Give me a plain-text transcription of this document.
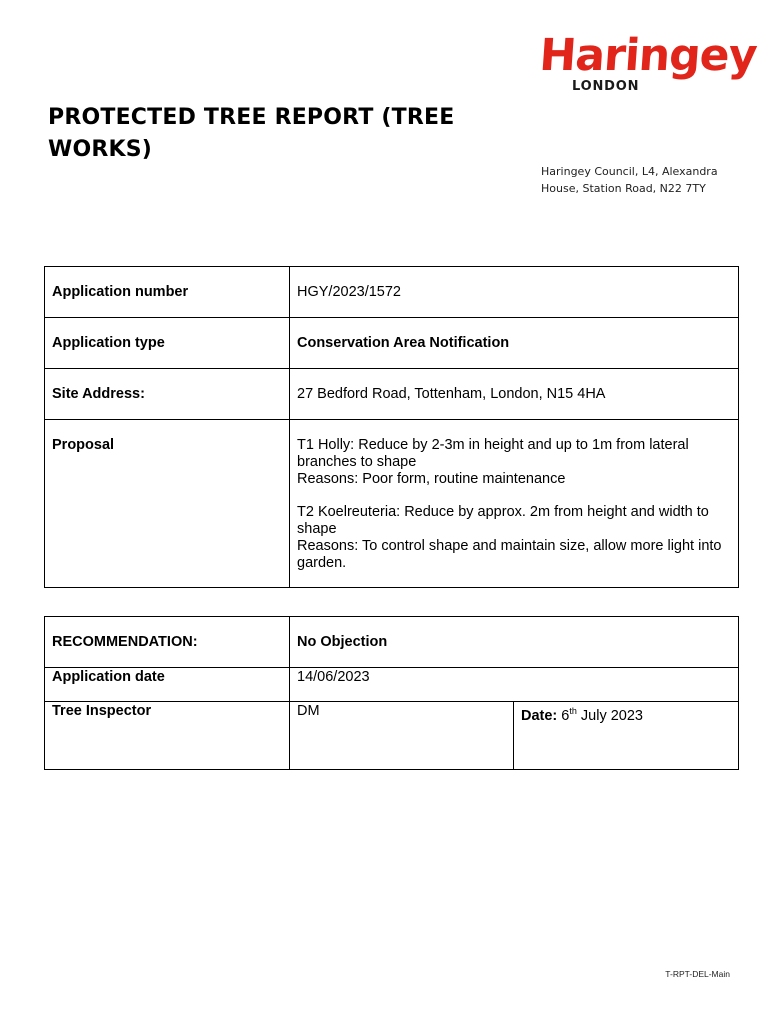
Haringey
LONDON
PROTECTED TREE REPORT (TREE WORKS)
Haringey Council, L4, Alexandra House, Station Road, N22 7TY
Application number	HGY/2023/1572
Application type	Conservation Area Notification
Site Address:	27 Bedford Road, Tottenham, London, N15 4HA
Proposal	T1 Holly: Reduce by 2-3m in height and up to 1m from lateral branches to shape
Reasons: Poor form, routine maintenance
T2 Koelreuteria: Reduce by approx. 2m from height and width to shape
Reasons: To control shape and maintain size, allow more light into garden.
RECOMMENDATION:	No Objection	
Application date	14/06/2023	
Tree Inspector	DM	Date: 6th July 2023
T-RPT-DEL-Main
